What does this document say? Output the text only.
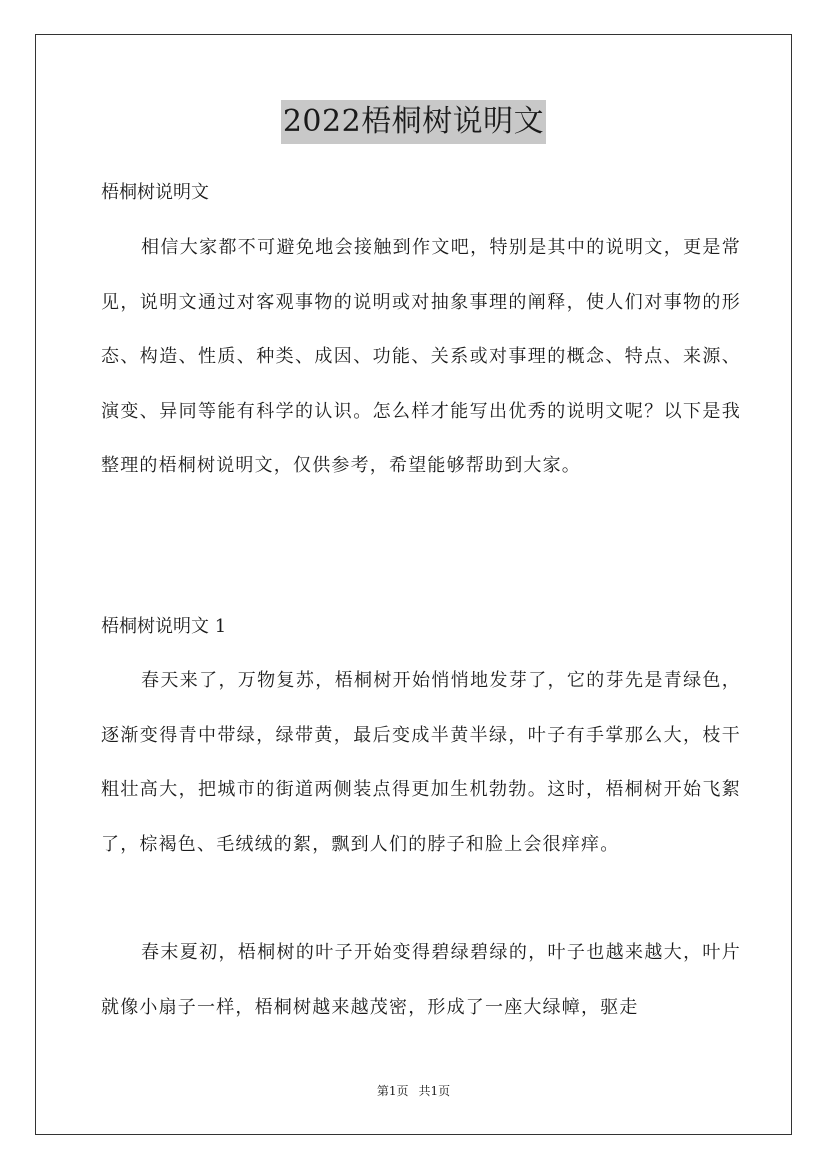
2022梧桐树说明文
梧桐树说明文
相信大家都不可避免地会接触到作文吧，特别是其中的说明文，更是常见，说明文通过对客观事物的说明或对抽象事理的阐释，使人们对事物的形态、构造、性质、种类、成因、功能、关系或对事理的概念、特点、来源、演变、异同等能有科学的认识。怎么样才能写出优秀的说明文呢？以下是我整理的梧桐树说明文，仅供参考，希望能够帮助到大家。
梧桐树说明文 1
春天来了，万物复苏，梧桐树开始悄悄地发芽了，它的芽先是青绿色，逐渐变得青中带绿，绿带黄，最后变成半黄半绿，叶子有手掌那么大，枝干粗壮高大，把城市的街道两侧装点得更加生机勃勃。这时，梧桐树开始飞絮了，棕褐色、毛绒绒的絮，飘到人们的脖子和脸上会很痒痒。
春末夏初，梧桐树的叶子开始变得碧绿碧绿的，叶子也越来越大，叶片就像小扇子一样，梧桐树越来越茂密，形成了一座大绿幛，驱走
第1页 共1页
